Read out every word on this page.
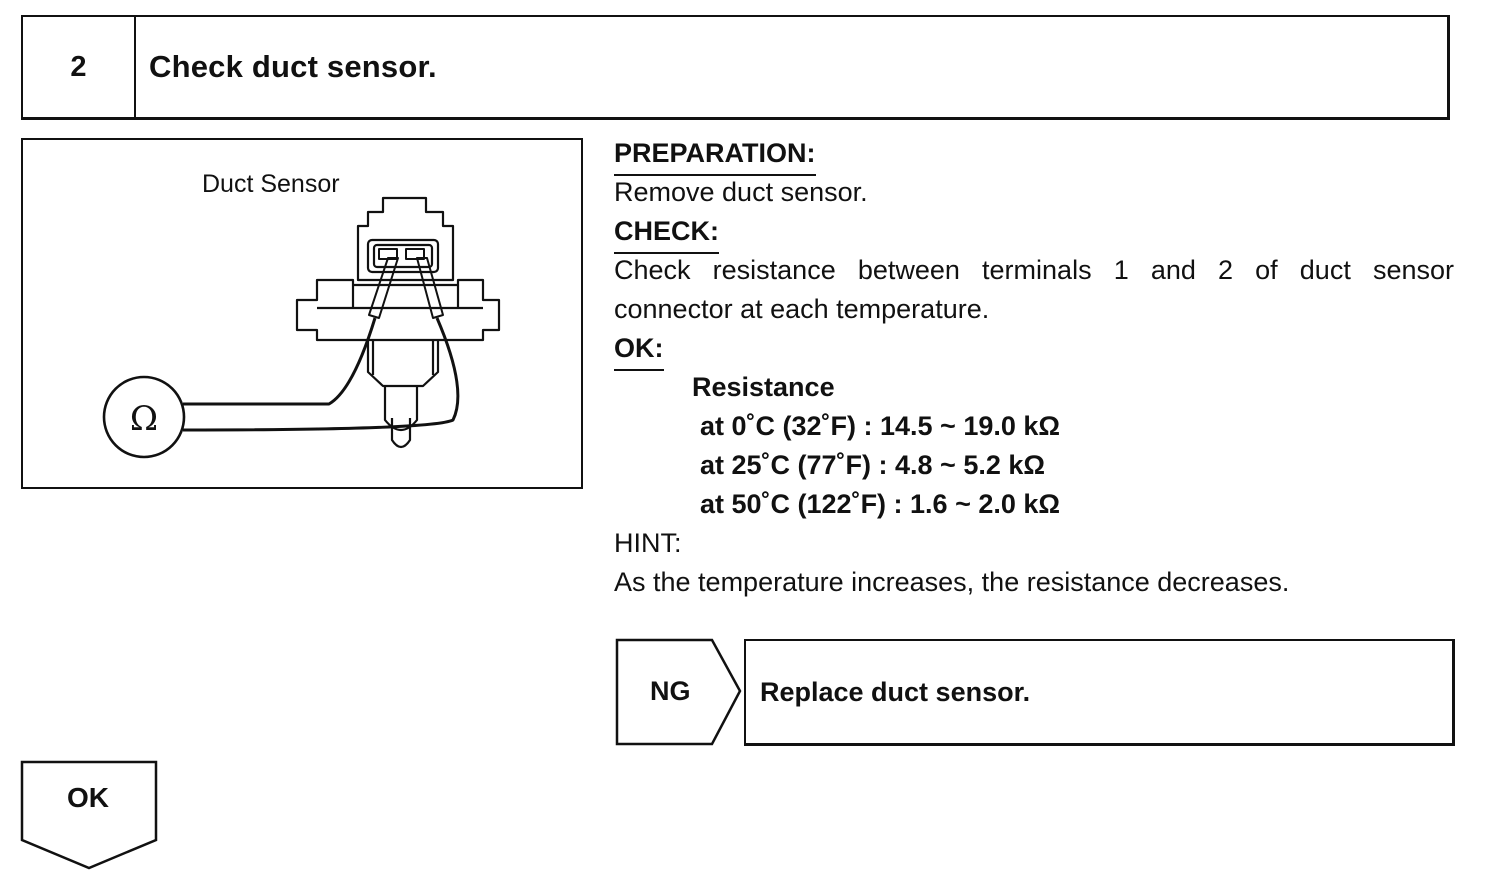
2	Check duct sensor.
Ω
Duct Sensor
PREPARATION:
Remove duct sensor.
CHECK:
Check resistance between terminals 1 and 2 of duct sensor
connector at each temperature.
OK:
Resistance
at 0˚C (32˚F) : 14.5 ~ 19.0 kΩ
at 25˚C (77˚F) : 4.8 ~ 5.2 kΩ
at 50˚C (122˚F) : 1.6 ~ 2.0 kΩ
HINT:
As the temperature increases, the resistance decreases.
NG	Replace duct sensor.
OK
